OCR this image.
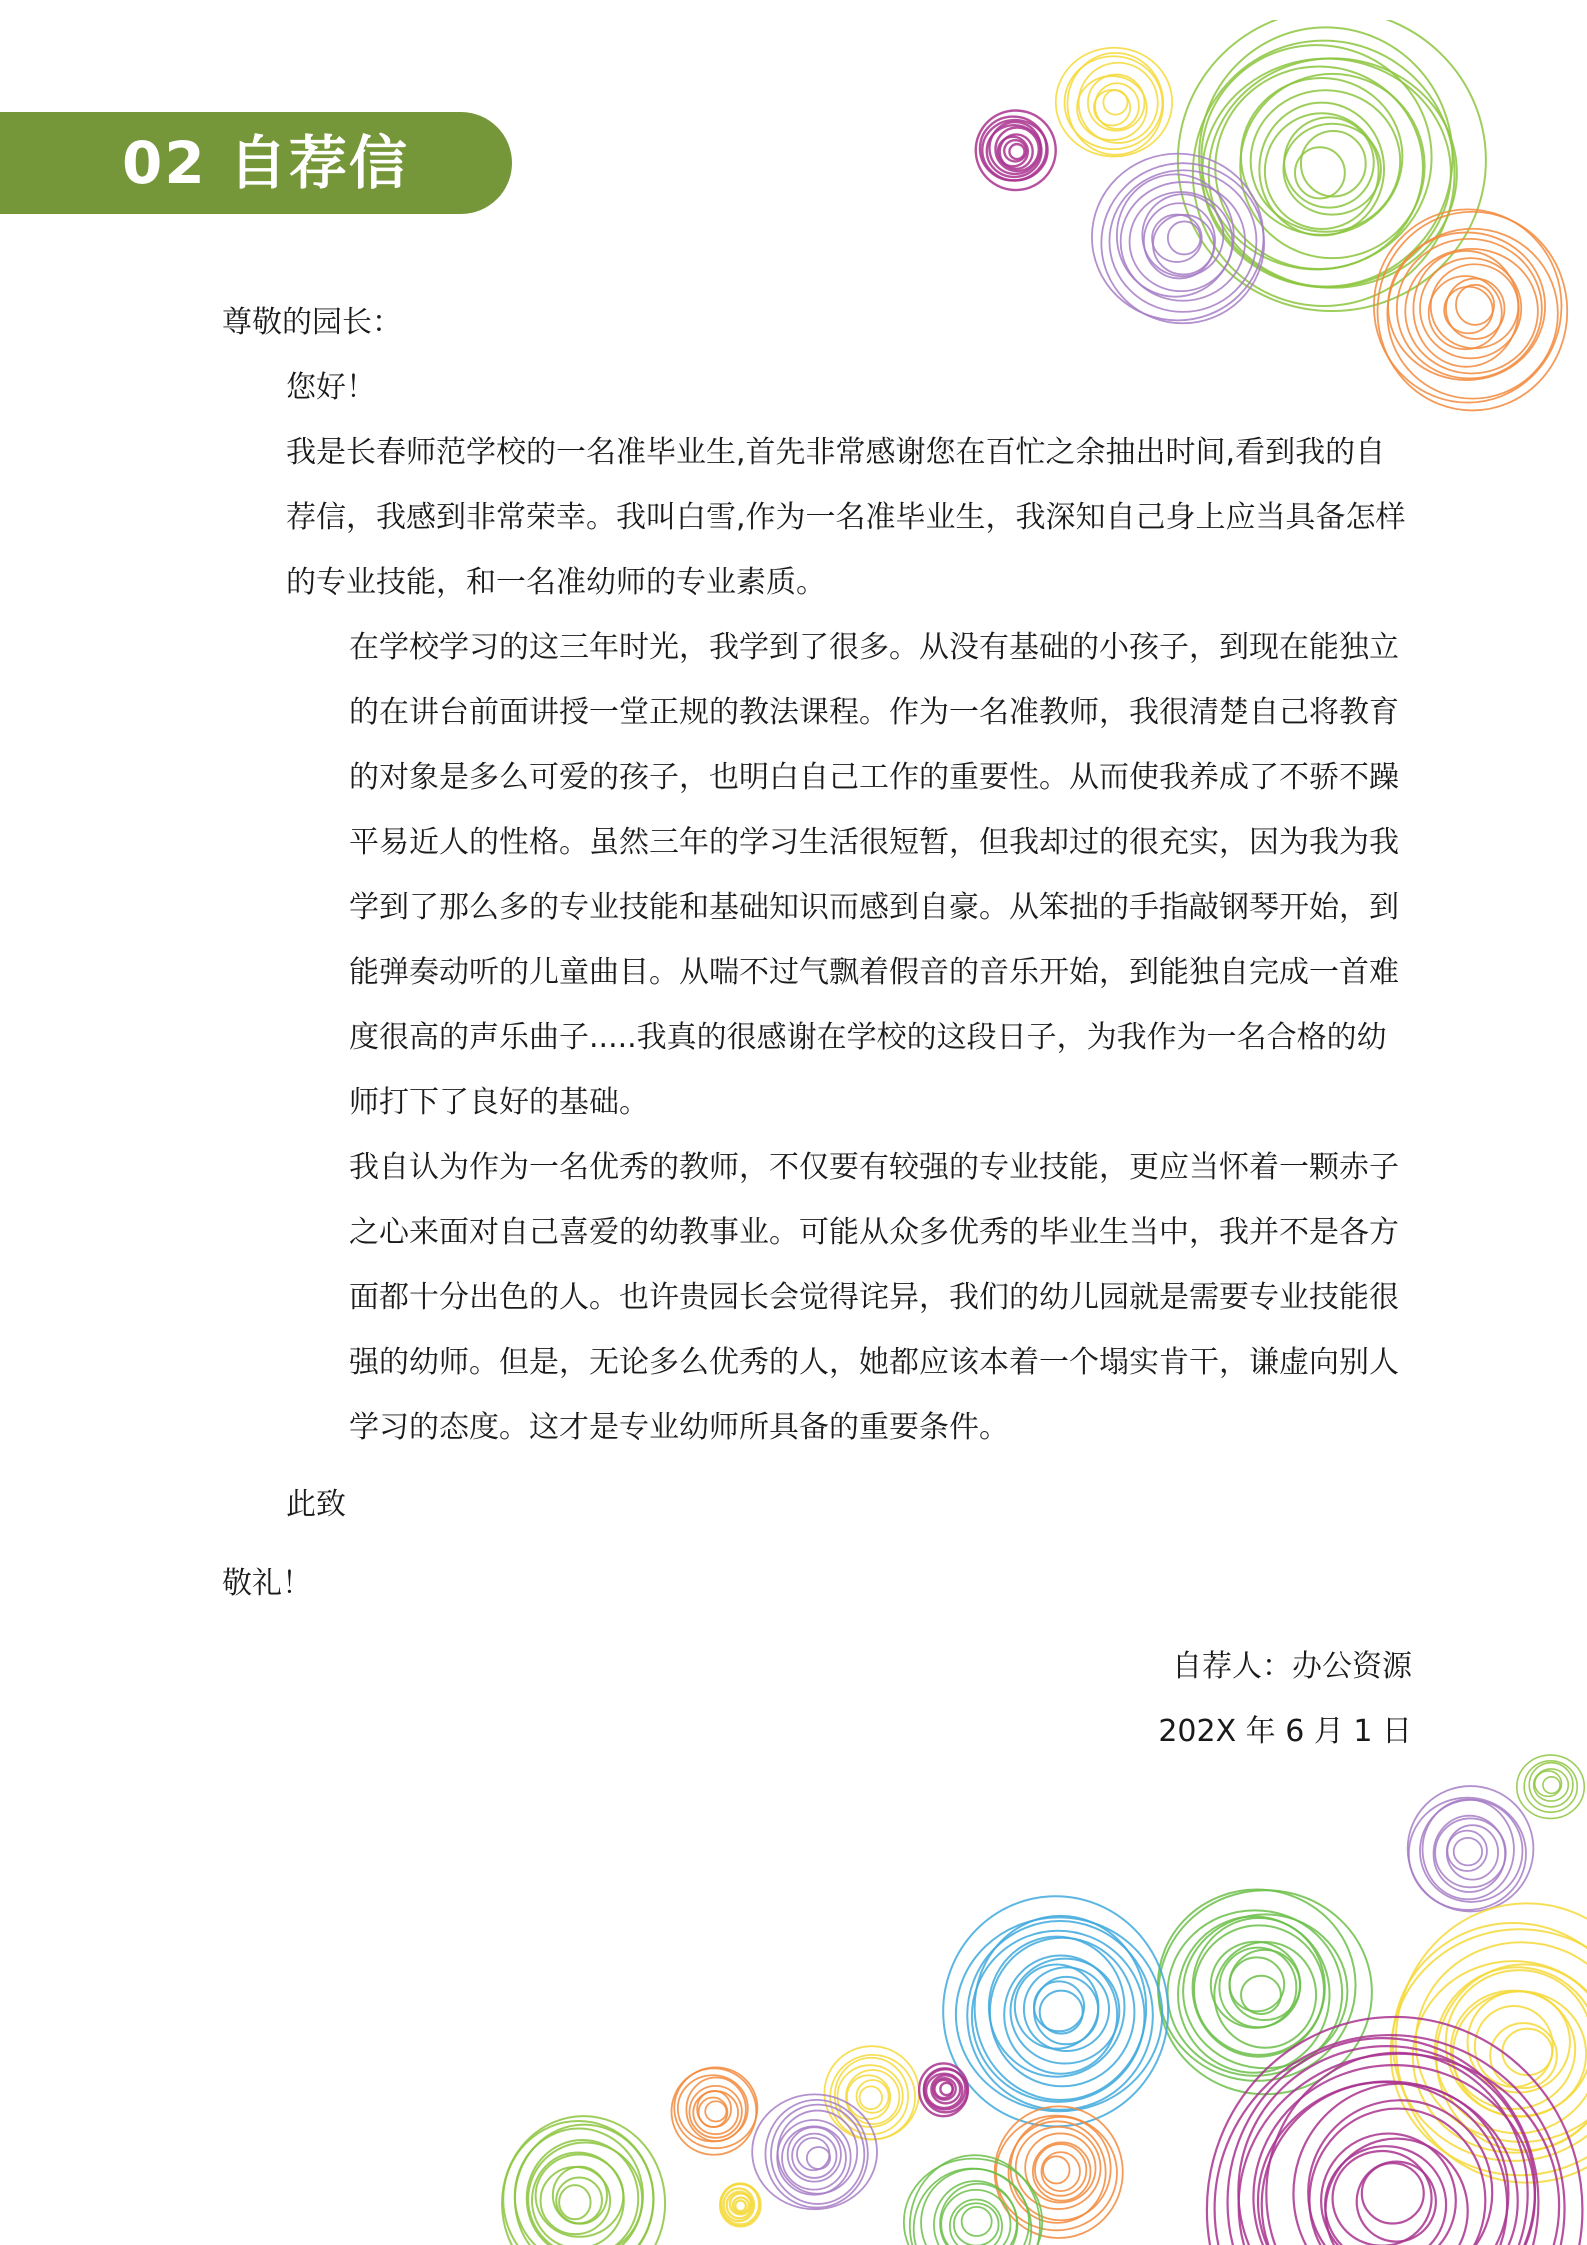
02 自荐信

尊敬的园长：

您好！

我是长春师范学校的一名准毕业生,首先非常感谢您在百忙之余抽出时间,看到我的自荐信，我感到非常荣幸。我叫白雪,作为一名准毕业生，我深知自己身上应当具备怎样的专业技能，和一名准幼师的专业素质。

在学校学习的这三年时光，我学到了很多。从没有基础的小孩子，到现在能独立的在讲台前面讲授一堂正规的教法课程。作为一名准教师，我很清楚自己将教育的对象是多么可爱的孩子，也明白自己工作的重要性。从而使我养成了不骄不躁平易近人的性格。虽然三年的学习生活很短暂，但我却过的很充实，因为我为我学到了那么多的专业技能和基础知识而感到自豪。从笨拙的手指敲钢琴开始，到能弹奏动听的儿童曲目。从喘不过气飘着假音的音乐开始，到能独自完成一首难度很高的声乐曲子.....我真的很感谢在学校的这段日子，为我作为一名合格的幼师打下了良好的基础。

我自认为作为一名优秀的教师，不仅要有较强的专业技能，更应当怀着一颗赤子之心来面对自己喜爱的幼教事业。可能从众多优秀的毕业生当中，我并不是各方面都十分出色的人。也许贵园长会觉得诧异，我们的幼儿园就是需要专业技能很强的幼师。但是，无论多么优秀的人，她都应该本着一个塌实肯干，谦虚向别人学习的态度。这才是专业幼师所具备的重要条件。

此致

敬礼！

自荐人：办公资源

202X 年 6 月 1 日
